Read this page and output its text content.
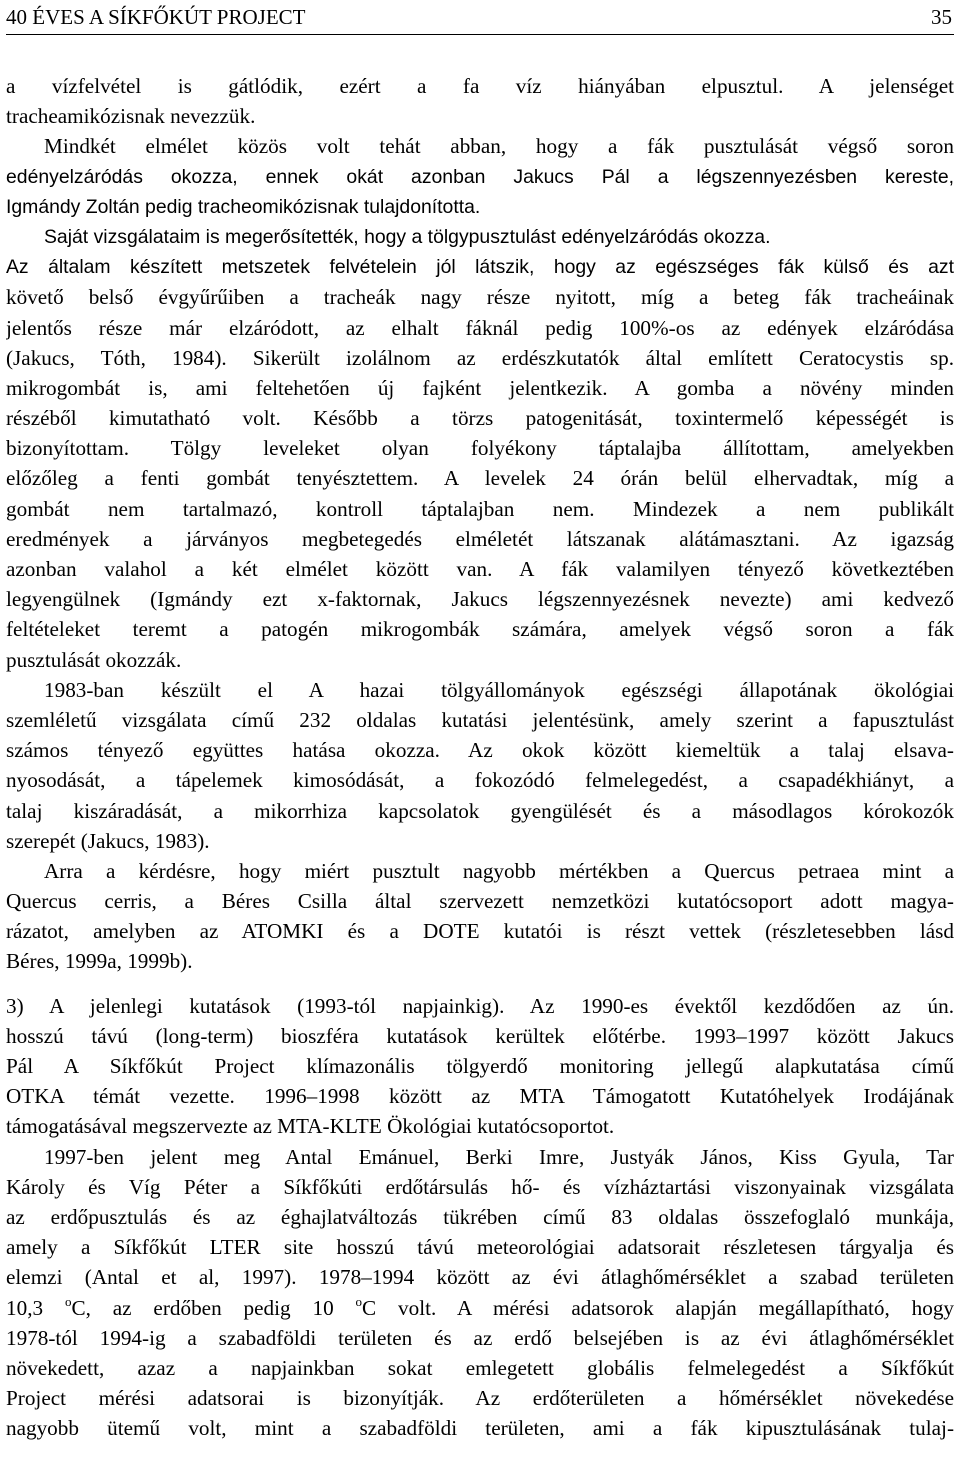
40 ÉVES A SÍKFŐKÚT PROJECT	35
a vízfelvétel is gátlódik, ezért a fa víz hiányában elpusztul. A jelenséget
tracheamikózisnak nevezzük.
Mindkét elmélet közös volt tehát abban, hogy a fák pusztulását végső soron
edényelzáródás okozza, ennek okát azonban Jakucs Pál a légszennyezésben kereste,
Igmándy Zoltán pedig tracheomikózisnak tulajdonította.
Saját vizsgálataim is megerősítették, hogy a tölgypusztulást edényelzáródás okozza.
Az általam készített metszetek felvételein jól látszik, hogy az egészséges fák külső és azt
követő belső évgyűrűiben a tracheák nagy része nyitott, míg a beteg fák tracheáinak
jelentős része már elzáródott, az elhalt fáknál pedig 100%-os az edények elzáródása
(Jakucs, Tóth, 1984). Sikerült izolálnom az erdészkutatók által említett Ceratocystis sp.
mikrogombát is, ami feltehetően új fajként jelentkezik. A gomba a növény minden
részéből kimutatható volt. Később a törzs patogenitását, toxintermelő képességét is
bizonyítottam. Tölgy leveleket olyan folyékony táptalajba állítottam, amelyekben
előzőleg a fenti gombát tenyésztettem. A levelek 24 órán belül elhervadtak, míg a
gombát nem tartalmazó, kontroll táptalajban nem. Mindezek a nem publikált
eredmények a járványos megbetegedés elméletét látszanak alátámasztani. Az igazság
azonban valahol a két elmélet között van. A fák valamilyen tényező következtében
legyengülnek (Igmándy ezt x-faktornak, Jakucs légszennyezésnek nevezte) ami kedvező
feltételeket teremt a patogén mikrogombák számára, amelyek végső soron a fák
pusztulását okozzák.
1983-ban készült el A hazai tölgyállományok egészségi állapotának ökológiai
szemléletű vizsgálata című 232 oldalas kutatási jelentésünk, amely szerint a fapusztulást
számos tényező együttes hatása okozza. Az okok között kiemeltük a talaj elsava-
nyosodását, a tápelemek kimosódását, a fokozódó felmelegedést, a csapadékhiányt, a
talaj kiszáradását, a mikorrhiza kapcsolatok gyengülését és a másodlagos kórokozók
szerepét (Jakucs, 1983).
Arra a kérdésre, hogy miért pusztult nagyobb mértékben a Quercus petraea mint a
Quercus cerris, a Béres Csilla által szervezett nemzetközi kutatócsoport adott magya-
rázatot, amelyben az ATOMKI és a DOTE kutatói is részt vettek (részletesebben lásd
Béres, 1999a, 1999b).
3) A jelenlegi kutatások (1993-tól napjainkig). Az 1990-es évektől kezdődően az ún.
hosszú távú (long-term) bioszféra kutatások kerültek előtérbe. 1993–1997 között Jakucs
Pál A Síkfőkút Project klímazonális tölgyerdő monitoring jellegű alapkutatása című
OTKA témát vezette. 1996–1998 között az MTA Támogatott Kutatóhelyek Irodájának
támogatásával megszervezte az MTA-KLTE Ökológiai kutatócsoportot.
1997-ben jelent meg Antal Emánuel, Berki Imre, Justyák János, Kiss Gyula, Tar
Károly és Víg Péter a Síkfőkúti erdőtársulás hő- és vízháztartási viszonyainak vizsgálata
az erdőpusztulás és az éghajlatváltozás tükrében című 83 oldalas összefoglaló munkája,
amely a Síkfőkút LTER site hosszú távú meteorológiai adatsorait részletesen tárgyalja és
elemzi (Antal et al, 1997). 1978–1994 között az évi átlaghőmérséklet a szabad területen
10,3 $^o$C, az erdőben pedig 10 $^o$C volt. A mérési adatsorok alapján megállapítható, hogy
1978-tól 1994-ig a szabadföldi területen és az erdő belsejében is az évi átlaghőmérséklet
növekedett, azaz a napjainkban sokat emlegetett globális felmelegedést a Síkfőkút
Project mérési adatsorai is bizonyítják. Az erdőterületen a hőmérséklet növekedése
nagyobb ütemű volt, mint a szabadföldi területen, ami a fák kipusztulásának tulaj-
